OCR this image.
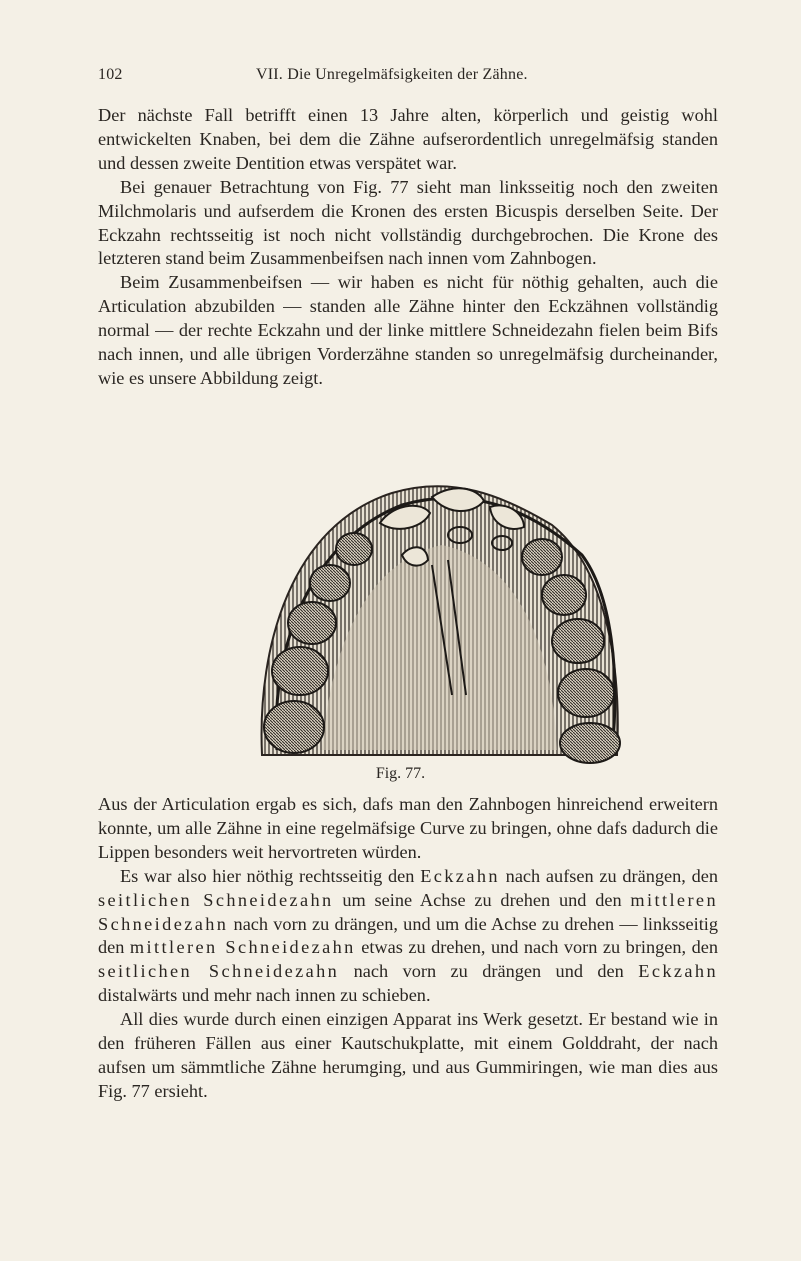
102	VII. Die Unregelmäfsigkeiten der Zähne.

Der nächste Fall betrifft einen 13 Jahre alten, körperlich und geistig wohl entwickelten Knaben, bei dem die Zähne aufserordentlich unregelmäfsig standen und dessen zweite Dentition etwas verspätet war.

Bei genauer Betrachtung von Fig. 77 sieht man linksseitig noch den zweiten Milchmolaris und aufserdem die Kronen des ersten Bicuspis derselben Seite. Der Eckzahn rechtsseitig ist noch nicht vollständig durchgebrochen. Die Krone des letzteren stand beim Zusammenbeifsen nach innen vom Zahnbogen.

Beim Zusammenbeifsen — wir haben es nicht für nöthig gehalten, auch die Articulation abzubilden — standen alle Zähne hinter den Eckzähnen vollständig normal — der rechte Eckzahn und der linke mittlere Schneidezahn fielen beim Bifs nach innen, und alle übrigen Vorderzähne standen so unregelmäfsig durcheinander, wie es unsere Abbildung zeigt.

Fig. 77.

Aus der Articulation ergab es sich, dafs man den Zahnbogen hinreichend erweitern konnte, um alle Zähne in eine regelmäfsige Curve zu bringen, ohne dafs dadurch die Lippen besonders weit hervortreten würden.

Es war also hier nöthig rechtsseitig den Eckzahn nach aufsen zu drängen, den seitlichen Schneidezahn um seine Achse zu drehen und den mittleren Schneidezahn nach vorn zu drängen, und um die Achse zu drehen — linksseitig den mittleren Schneidezahn etwas zu drehen, und nach vorn zu bringen, den seitlichen Schneidezahn nach vorn zu drängen und den Eckzahn distalwärts und mehr nach innen zu schieben.

All dies wurde durch einen einzigen Apparat ins Werk gesetzt. Er bestand wie in den früheren Fällen aus einer Kautschukplatte, mit einem Golddraht, der nach aufsen um sämmtliche Zähne herumging, und aus Gummiringen, wie man dies aus Fig. 77 ersieht.
